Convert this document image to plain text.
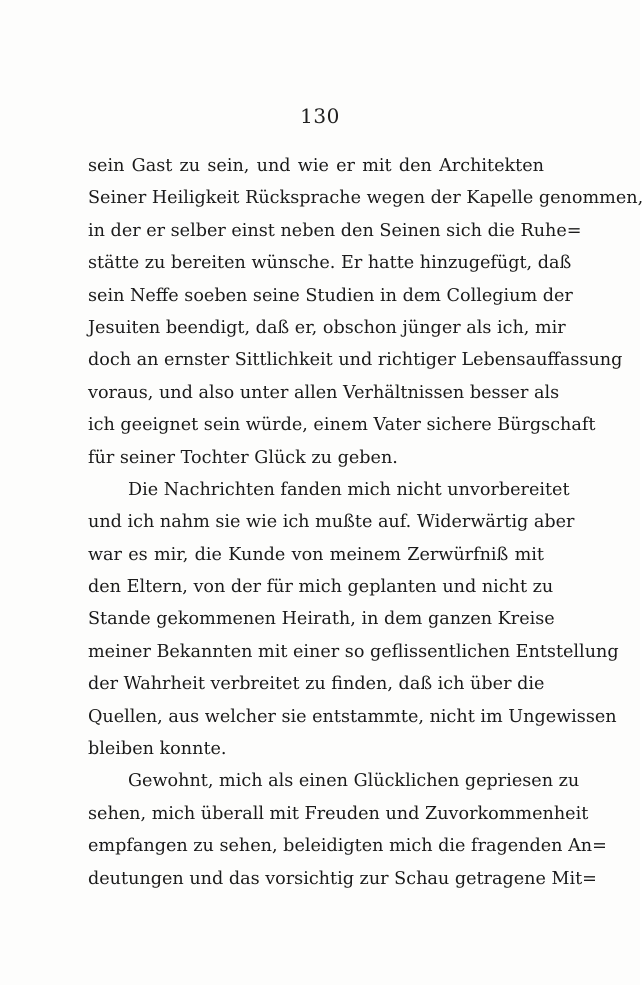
130
sein Gast zu sein, und wie er mit den Architekten
Seiner Heiligkeit Rücksprache wegen der Kapelle genommen,
in der er selber einst neben den Seinen sich die Ruhe=
stätte zu bereiten wünsche. Er hatte hinzugefügt, daß
sein Neffe soeben seine Studien in dem Collegium der
Jesuiten beendigt, daß er, obschon jünger als ich, mir
doch an ernster Sittlichkeit und richtiger Lebensauffassung
voraus, und also unter allen Verhältnissen besser als
ich geeignet sein würde, einem Vater sichere Bürgschaft
für seiner Tochter Glück zu geben.
Die Nachrichten fanden mich nicht unvorbereitet
und ich nahm sie wie ich mußte auf. Widerwärtig aber
war es mir, die Kunde von meinem Zerwürfniß mit
den Eltern, von der für mich geplanten und nicht zu
Stande gekommenen Heirath, in dem ganzen Kreise
meiner Bekannten mit einer so geflissentlichen Entstellung
der Wahrheit verbreitet zu finden, daß ich über die
Quellen, aus welcher sie entstammte, nicht im Ungewissen
bleiben konnte.
Gewohnt, mich als einen Glücklichen gepriesen zu
sehen, mich überall mit Freuden und Zuvorkommenheit
empfangen zu sehen, beleidigten mich die fragenden An=
deutungen und das vorsichtig zur Schau getragene Mit=
